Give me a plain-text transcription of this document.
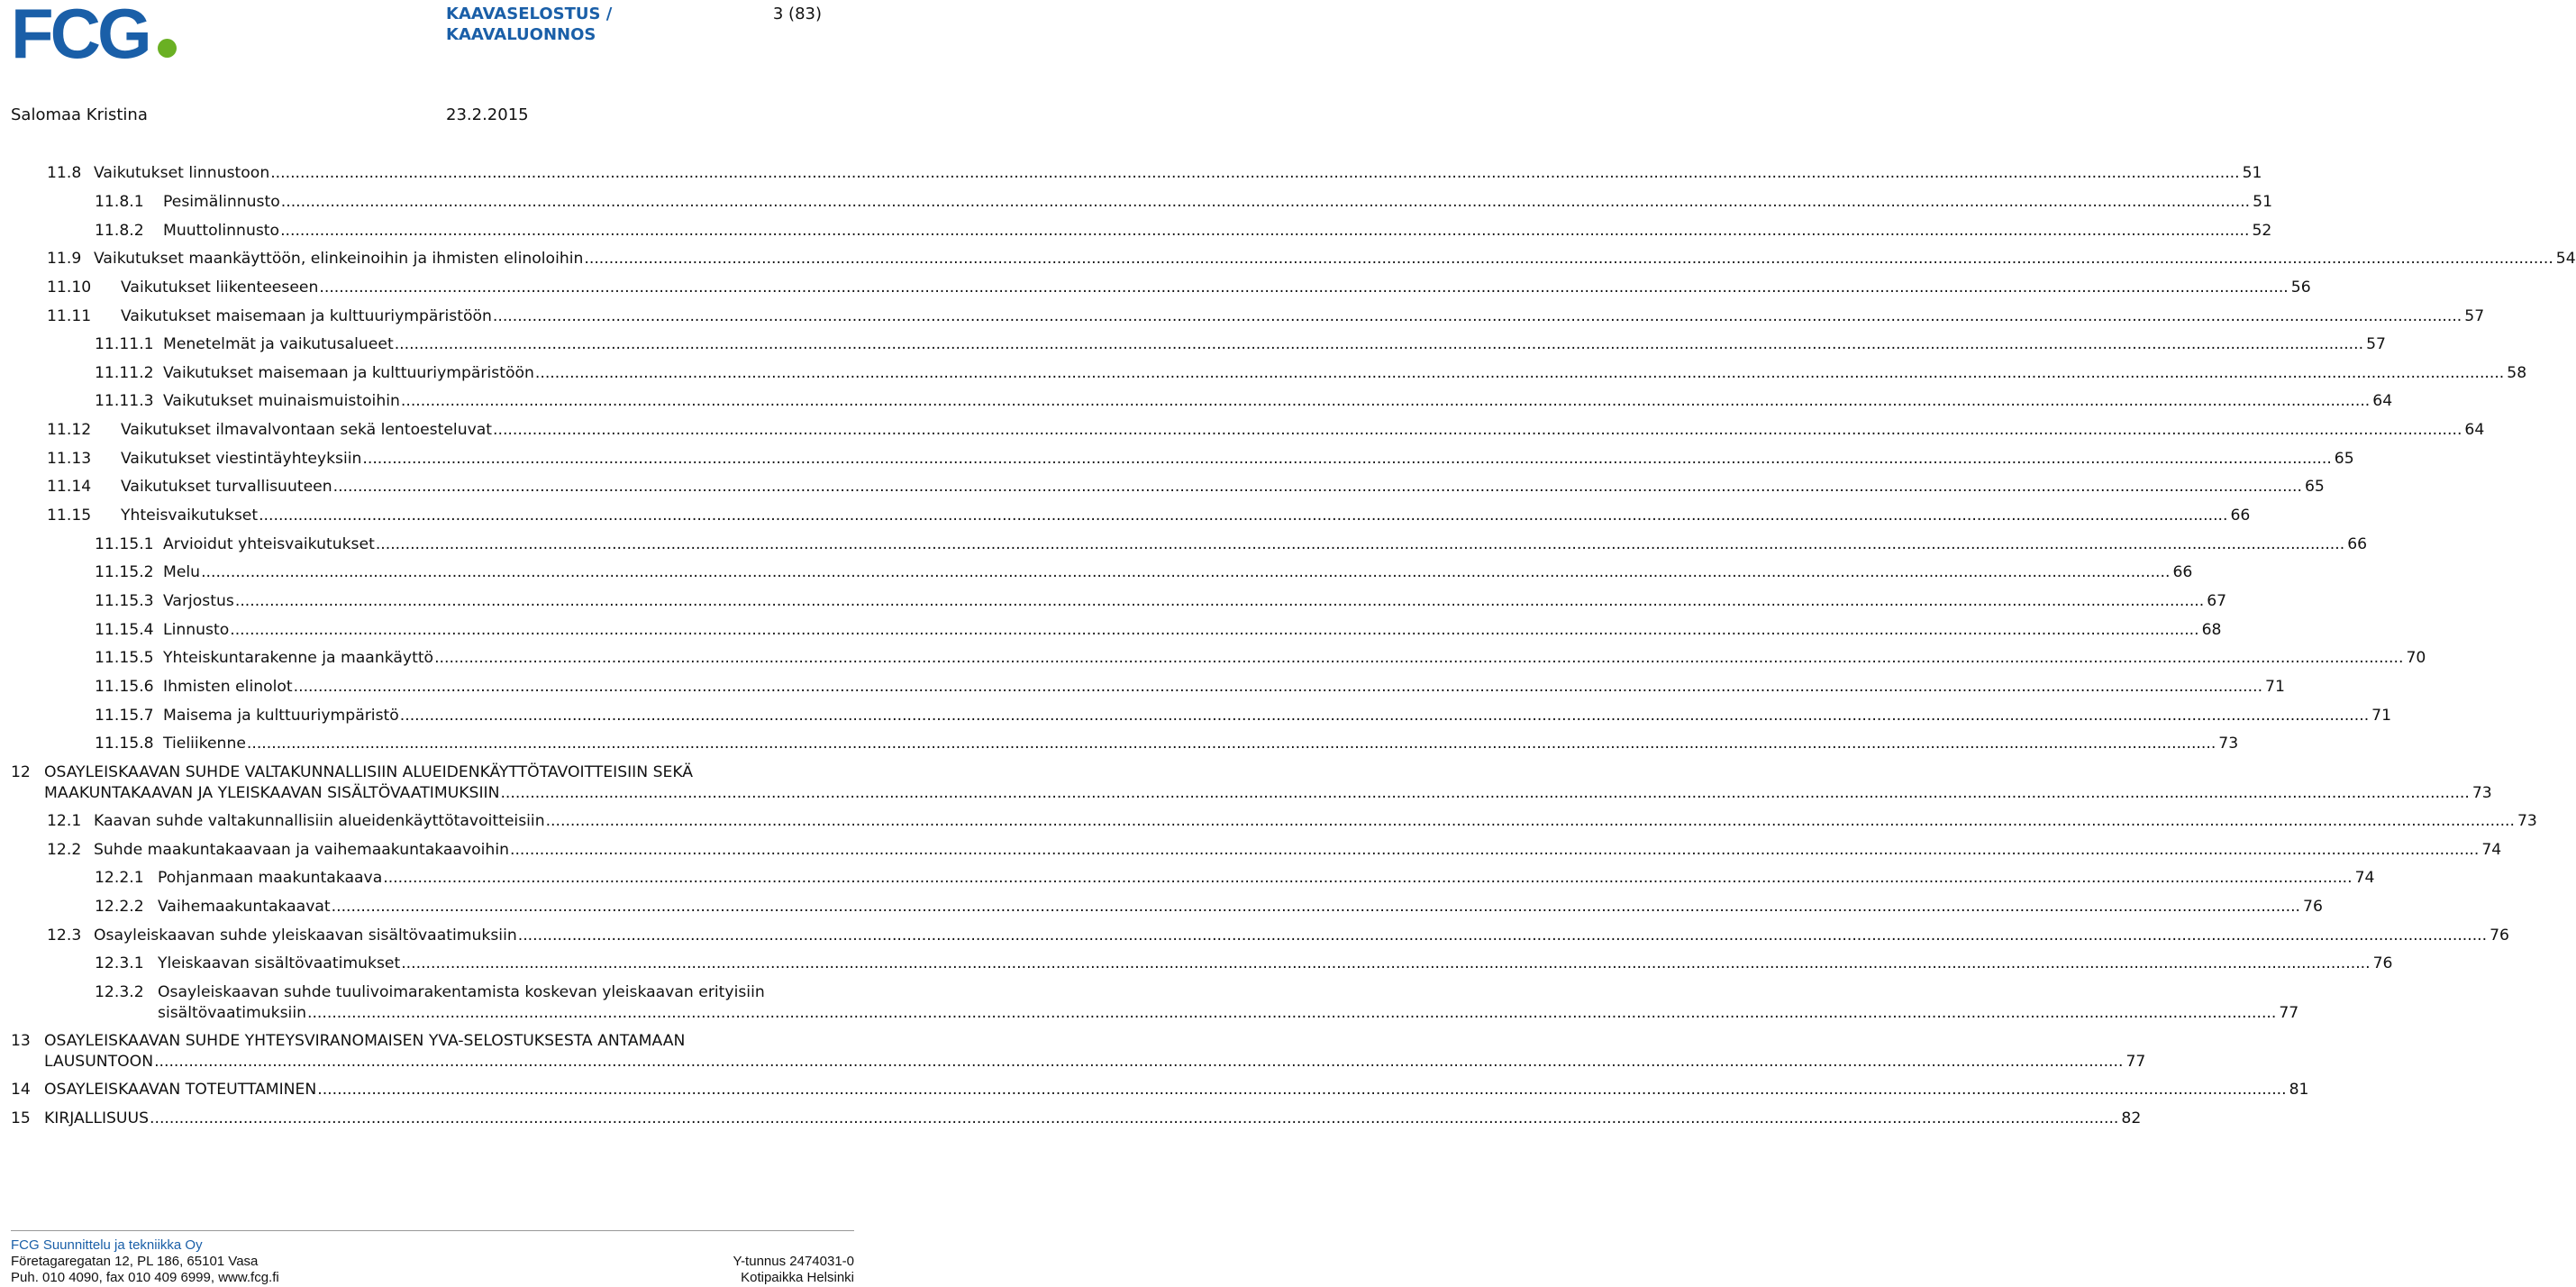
FCG	KAAVASELOSTUS /
KAAVALUONNOS
3 (83)
Salomaa Kristina	23.2.2015
11.8 Vaikutukset linnustoon ................................................................................................................................................................................................................................................................................................................................................................................................................ 51
11.8.1	Pesimälinnusto ................................................................................................................................................................................................................................................................................................................................................................................................................ 51
11.8.2	Muuttolinnusto ................................................................................................................................................................................................................................................................................................................................................................................................................ 52
11.9 Vaikutukset maankäyttöön, elinkeinoihin ja ihmisten elinoloihin ................................................................................................................................................................................................................................................................................................................................................................................................................ 54
11.10	Vaikutukset liikenteeseen ................................................................................................................................................................................................................................................................................................................................................................................................................ 56
11.11	Vaikutukset maisemaan ja kulttuuriympäristöön ................................................................................................................................................................................................................................................................................................................................................................................................................ 57
11.11.1 Menetelmät ja vaikutusalueet ................................................................................................................................................................................................................................................................................................................................................................................................................ 57
11.11.2 Vaikutukset maisemaan ja kulttuuriympäristöön ................................................................................................................................................................................................................................................................................................................................................................................................................ 58
11.11.3 Vaikutukset muinaismuistoihin ................................................................................................................................................................................................................................................................................................................................................................................................................ 64
11.12	Vaikutukset ilmavalvontaan sekä lentoesteluvat ................................................................................................................................................................................................................................................................................................................................................................................................................ 64
11.13	Vaikutukset viestintäyhteyksiin ................................................................................................................................................................................................................................................................................................................................................................................................................ 65
11.14	Vaikutukset turvallisuuteen ................................................................................................................................................................................................................................................................................................................................................................................................................ 65
11.15	Yhteisvaikutukset ................................................................................................................................................................................................................................................................................................................................................................................................................ 66
11.15.1 Arvioidut yhteisvaikutukset ................................................................................................................................................................................................................................................................................................................................................................................................................ 66
11.15.2 Melu ................................................................................................................................................................................................................................................................................................................................................................................................................ 66
11.15.3 Varjostus ................................................................................................................................................................................................................................................................................................................................................................................................................ 67
11.15.4 Linnusto ................................................................................................................................................................................................................................................................................................................................................................................................................ 68
11.15.5 Yhteiskuntarakenne ja maankäyttö ................................................................................................................................................................................................................................................................................................................................................................................................................ 70
11.15.6 Ihmisten elinolot ................................................................................................................................................................................................................................................................................................................................................................................................................ 71
11.15.7 Maisema ja kulttuuriympäristö ................................................................................................................................................................................................................................................................................................................................................................................................................ 71
11.15.8 Tieliikenne ................................................................................................................................................................................................................................................................................................................................................................................................................ 73
12 OSAYLEISKAAVAN SUHDE VALTAKUNNALLISIIN ALUEIDENKÄYTTÖTAVOITTEISIIN SEKÄ
MAAKUNTAKAAVAN JA YLEISKAAVAN SISÄLTÖVAATIMUKSIIN ................................................................................................................................................................................................................................................................................................................................................................................................................ 73
12.1 Kaavan suhde valtakunnallisiin alueidenkäyttötavoitteisiin ................................................................................................................................................................................................................................................................................................................................................................................................................ 73
12.2 Suhde maakuntakaavaan ja vaihemaakuntakaavoihin ................................................................................................................................................................................................................................................................................................................................................................................................................ 74
12.2.1 Pohjanmaan maakuntakaava ................................................................................................................................................................................................................................................................................................................................................................................................................ 74
12.2.2 Vaihemaakuntakaavat ................................................................................................................................................................................................................................................................................................................................................................................................................ 76
12.3 Osayleiskaavan suhde yleiskaavan sisältövaatimuksiin ................................................................................................................................................................................................................................................................................................................................................................................................................ 76
12.3.1 Yleiskaavan sisältövaatimukset ................................................................................................................................................................................................................................................................................................................................................................................................................ 76
12.3.2 Osayleiskaavan suhde tuulivoimarakentamista koskevan yleiskaavan erityisiin
sisältövaatimuksiin ................................................................................................................................................................................................................................................................................................................................................................................................................ 77
13 OSAYLEISKAAVAN SUHDE YHTEYSVIRANOMAISEN YVA-SELOSTUKSESTA ANTAMAAN
LAUSUNTOON ................................................................................................................................................................................................................................................................................................................................................................................................................ 77
14 OSAYLEISKAAVAN TOTEUTTAMINEN ................................................................................................................................................................................................................................................................................................................................................................................................................ 81
15 KIRJALLISUUS ................................................................................................................................................................................................................................................................................................................................................................................................................ 82
FCG Suunnittelu ja tekniikka Oy
Företagaregatan 12, PL 186, 65101 Vasa
Puh. 010 4090, fax 010 409 6999, www.fcg.fi
Y-tunnus 2474031-0
Kotipaikka Helsinki
